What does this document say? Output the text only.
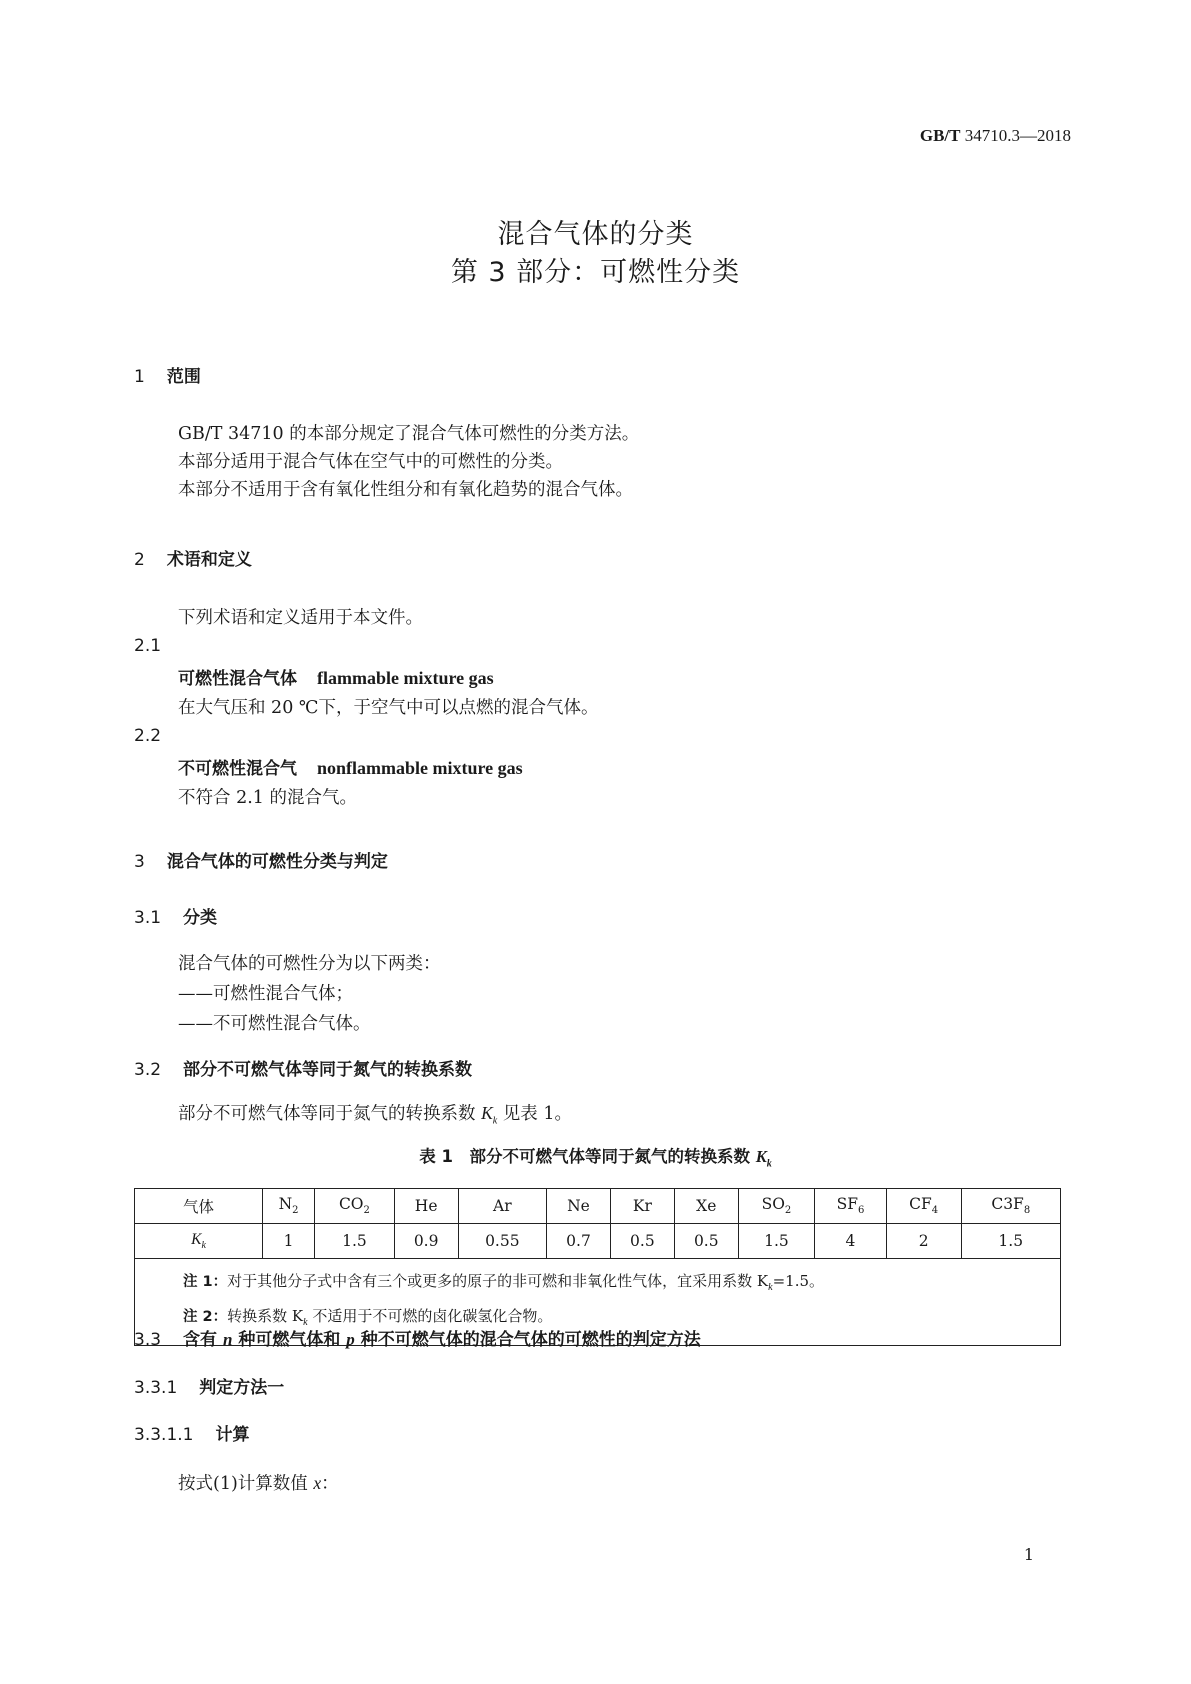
GB/T 34710.3—2018
混合气体的分类
第 3 部分：可燃性分类
1 范围
GB/T 34710 的本部分规定了混合气体可燃性的分类方法。
本部分适用于混合气体在空气中的可燃性的分类。
本部分不适用于含有氧化性组分和有氧化趋势的混合气体。
2 术语和定义
下列术语和定义适用于本文件。
2.1
可燃性混合气体 flammable mixture gas
在大气压和 20 ℃下，于空气中可以点燃的混合气体。
2.2
不可燃性混合气 nonflammable mixture gas
不符合 2.1 的混合气。
3 混合气体的可燃性分类与判定
3.1 分类
混合气体的可燃性分为以下两类：
——可燃性混合气体；
——不可燃性混合气体。
3.2 部分不可燃气体等同于氮气的转换系数
部分不可燃气体等同于氮气的转换系数 $K_k$ 见表 1。
表 1　部分不可燃气体等同于氮气的转换系数 $K_k$
气体	$N_2$	$CO_2$	He	Ar	Ne	Kr	Xe	$SO_2$	$SF_6$	$CF_4$	$C3F_8$
$K_k$	1	1.5	0.9	0.55	0.7	0.5	0.5	1.5	4	2	1.5

注 1：对于其他分子式中含有三个或更多的原子的非可燃和非氧化性气体，宜采用系数 $K_k=1.5$。
注 2：转换系数 $K_k$ 不适用于不可燃的卤化碳氢化合物。											
3.3 含有 n 种可燃气体和 p 种不可燃气体的混合气体的可燃性的判定方法
3.3.1 判定方法一
3.3.1.1 计算
按式(1)计算数值 x：
1
